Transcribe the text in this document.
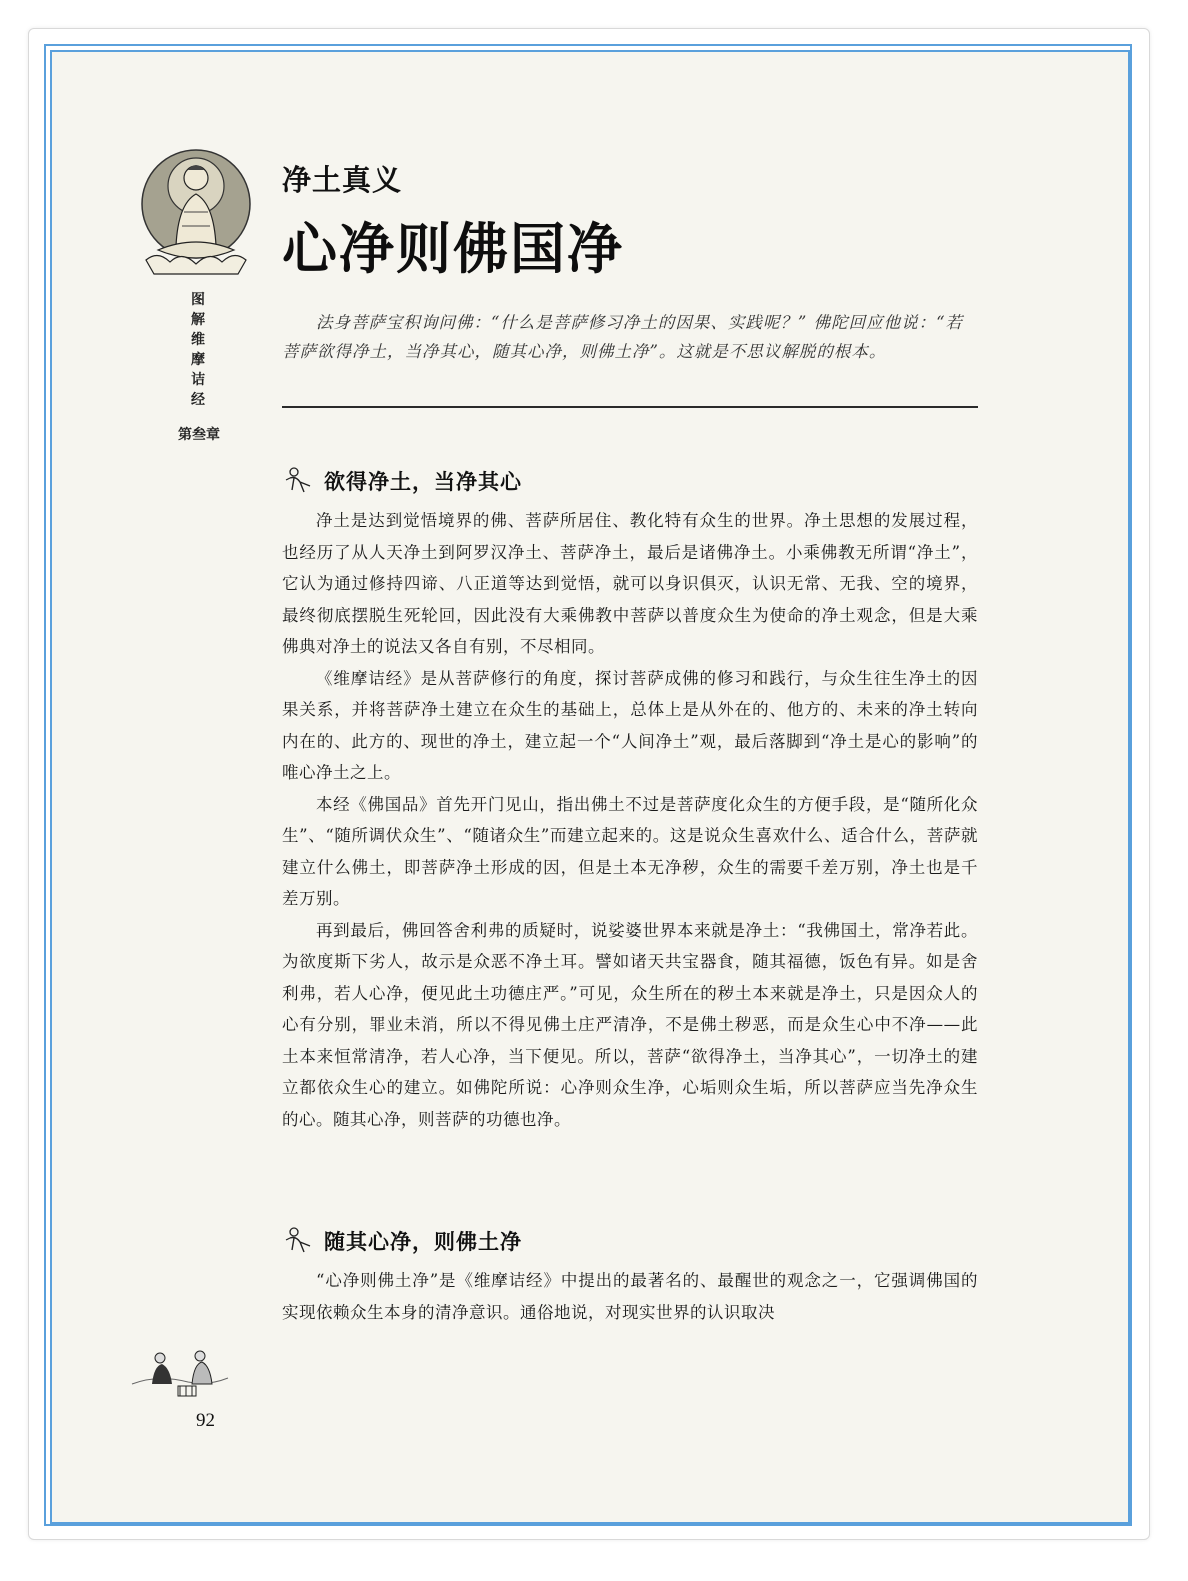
图解维摩诘经
第叁章
净土真义
心净则佛国净
法身菩萨宝积询问佛：“什么是菩萨修习净土的因果、实践呢？” 佛陀回应他说：“若菩萨欲得净土，当净其心，随其心净，则佛土净”。这就是不思议解脱的根本。
欲得净土，当净其心

净土是达到觉悟境界的佛、菩萨所居住、教化特有众生的世界。净土思想的发展过程，也经历了从人天净土到阿罗汉净土、菩萨净土，最后是诸佛净土。小乘佛教无所谓“净土”，它认为通过修持四谛、八正道等达到觉悟，就可以身识俱灭，认识无常、无我、空的境界，最终彻底摆脱生死轮回，因此没有大乘佛教中菩萨以普度众生为使命的净土观念，但是大乘佛典对净土的说法又各自有别，不尽相同。

《维摩诘经》是从菩萨修行的角度，探讨菩萨成佛的修习和践行，与众生往生净土的因果关系，并将菩萨净土建立在众生的基础上，总体上是从外在的、他方的、未来的净土转向内在的、此方的、现世的净土，建立起一个“人间净土”观，最后落脚到“净土是心的影响”的唯心净土之上。

本经《佛国品》首先开门见山，指出佛土不过是菩萨度化众生的方便手段，是“随所化众生”、“随所调伏众生”、“随诸众生”而建立起来的。这是说众生喜欢什么、适合什么，菩萨就建立什么佛土，即菩萨净土形成的因，但是土本无净秽，众生的需要千差万别，净土也是千差万别。

再到最后，佛回答舍利弗的质疑时，说娑婆世界本来就是净土：“我佛国土，常净若此。为欲度斯下劣人，故示是众恶不净土耳。譬如诸天共宝器食，随其福德，饭色有异。如是舍利弗，若人心净，便见此土功德庄严。”可见，众生所在的秽土本来就是净土，只是因众人的心有分别，罪业未消，所以不得见佛土庄严清净，不是佛土秽恶，而是众生心中不净——此土本来恒常清净，若人心净，当下便见。所以，菩萨“欲得净土，当净其心”，一切净土的建立都依众生心的建立。如佛陀所说：心净则众生净，心垢则众生垢，所以菩萨应当先净众生的心。随其心净，则菩萨的功德也净。

随其心净，则佛土净

“心净则佛土净”是《维摩诘经》中提出的最著名的、最醒世的观念之一，它强调佛国的实现依赖众生本身的清净意识。通俗地说，对现实世界的认识取决

92
